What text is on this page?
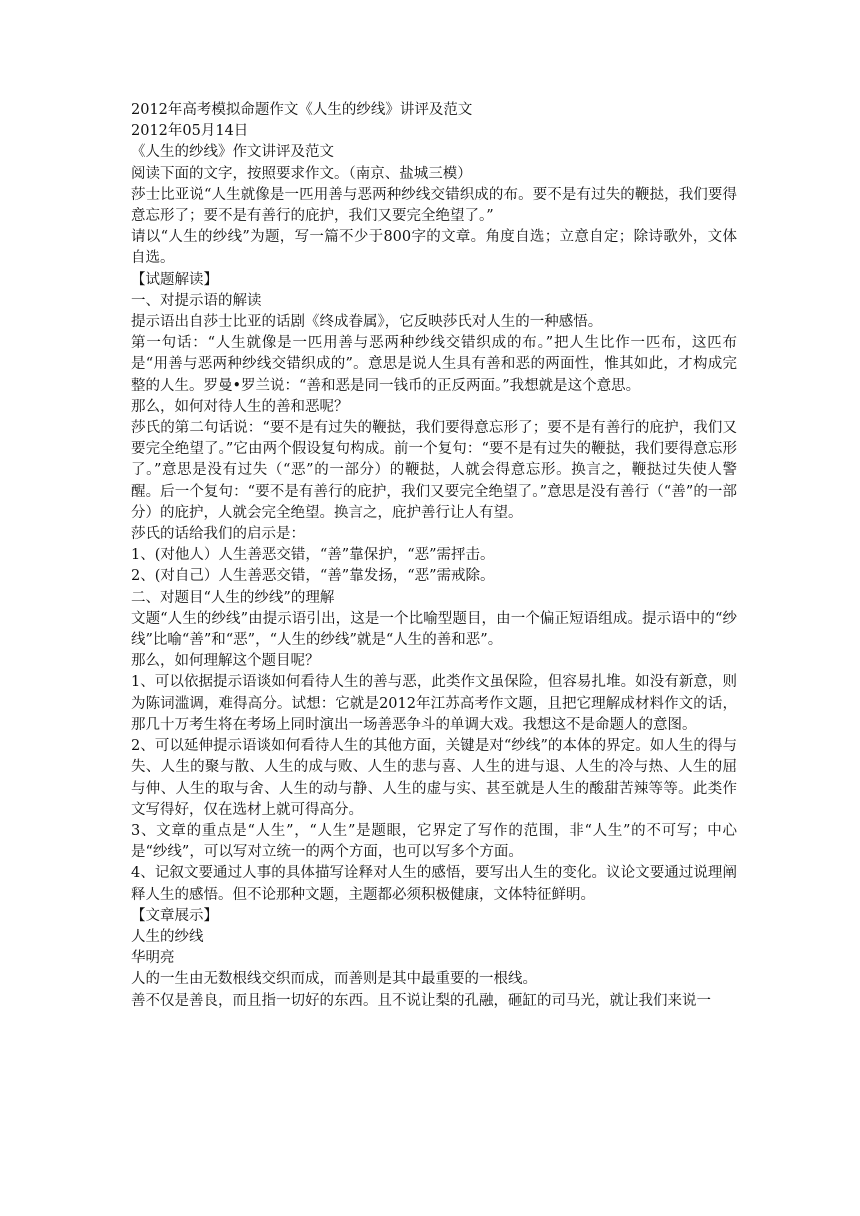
2012年高考模拟命题作文《人生的纱线》讲评及范文

2012年05月14日

《人生的纱线》作文讲评及范文

阅读下面的文字，按照要求作文。（南京、盐城三模）

莎士比亚说“人生就像是一匹用善与恶两种纱线交错织成的布。要不是有过失的鞭挞，我们要得意忘形了；要不是有善行的庇护，我们又要完全绝望了。”

请以“人生的纱线”为题，写一篇不少于800字的文章。角度自选；立意自定；除诗歌外，文体自选。

【试题解读】

一、对提示语的解读

提示语出自莎士比亚的话剧《终成眷属》，它反映莎氏对人生的一种感悟。

第一句话：“人生就像是一匹用善与恶两种纱线交错织成的布。”把人生比作一匹布，这匹布是“用善与恶两种纱线交错织成的”。意思是说人生具有善和恶的两面性，惟其如此，才构成完整的人生。罗曼•罗兰说：“善和恶是同一钱币的正反两面。”我想就是这个意思。

那么，如何对待人生的善和恶呢？

莎氏的第二句话说：“要不是有过失的鞭挞，我们要得意忘形了；要不是有善行的庇护，我们又要完全绝望了。”它由两个假设复句构成。前一个复句：“要不是有过失的鞭挞，我们要得意忘形了。”意思是没有过失（“恶”的一部分）的鞭挞，人就会得意忘形。换言之，鞭挞过失使人警醒。后一个复句：“要不是有善行的庇护，我们又要完全绝望了。”意思是没有善行（“善”的一部分）的庇护，人就会完全绝望。换言之，庇护善行让人有望。

莎氏的话给我们的启示是：

1、(对他人）人生善恶交错，“善”靠保护，“恶”需抨击。

2、(对自己）人生善恶交错，“善”靠发扬，“恶”需戒除。

二、对题目“人生的纱线”的理解

文题“人生的纱线”由提示语引出，这是一个比喻型题目，由一个偏正短语组成。提示语中的“纱线”比喻“善”和“恶”，“人生的纱线”就是“人生的善和恶”。

那么，如何理解这个题目呢？

1、可以依据提示语谈如何看待人生的善与恶，此类作文虽保险，但容易扎堆。如没有新意，则为陈词滥调，难得高分。试想：它就是2012年江苏高考作文题，且把它理解成材料作文的话，那几十万考生将在考场上同时演出一场善恶争斗的单调大戏。我想这不是命题人的意图。

2、可以延伸提示语谈如何看待人生的其他方面，关键是对“纱线”的本体的界定。如人生的得与失、人生的聚与散、人生的成与败、人生的悲与喜、人生的进与退、人生的冷与热、人生的屈与伸、人生的取与舍、人生的动与静、人生的虚与实、甚至就是人生的酸甜苦辣等等。此类作文写得好，仅在选材上就可得高分。

3、文章的重点是“人生”，“人生”是题眼，它界定了写作的范围，非“人生”的不可写；中心是“纱线”，可以写对立统一的两个方面，也可以写多个方面。

4、记叙文要通过人事的具体描写诠释对人生的感悟，要写出人生的变化。议论文要通过说理阐释人生的感悟。但不论那种文题，主题都必须积极健康，文体特征鲜明。

【文章展示】

人生的纱线

华明亮

人的一生由无数根线交织而成，而善则是其中最重要的一根线。

善不仅是善良，而且指一切好的东西。且不说让梨的孔融，砸缸的司马光，就让我们来说一
